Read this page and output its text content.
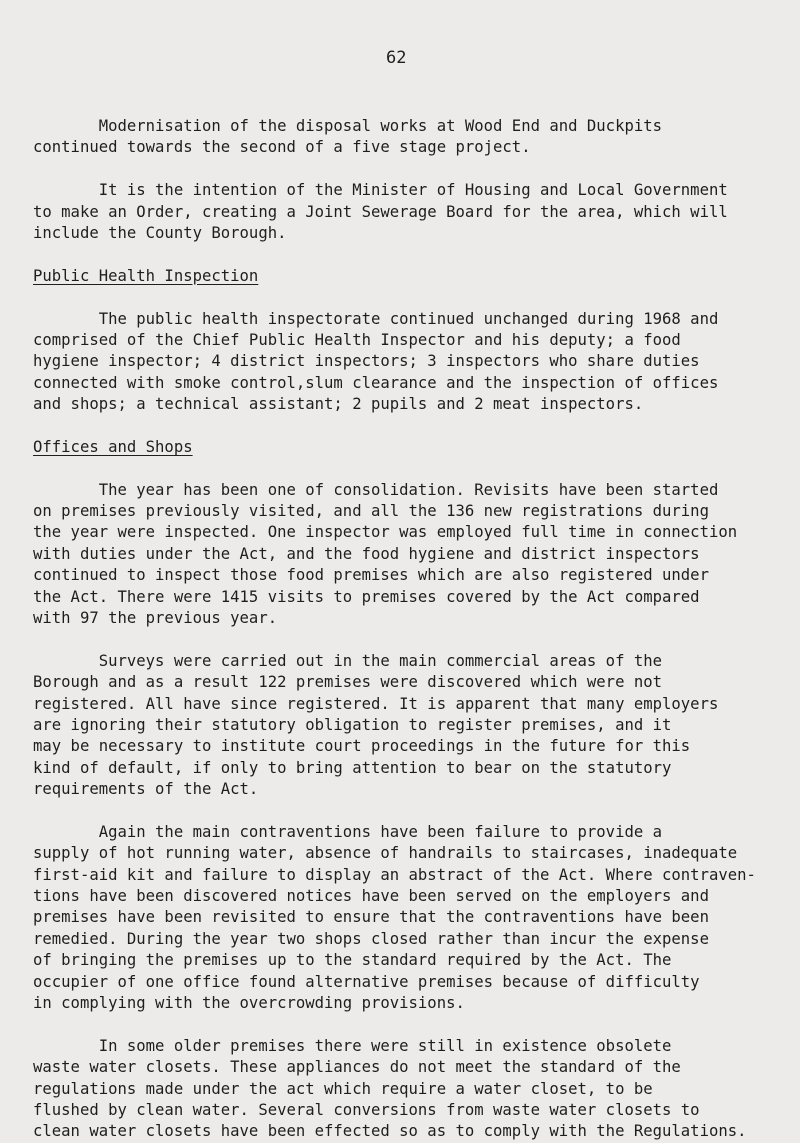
62
Modernisation of the disposal works at Wood End and Duckpits
continued towards the second of a five stage project.
It is the intention of the Minister of Housing and Local Government
to make an Order, creating a Joint Sewerage Board for the area, which will
include the County Borough.
Public Health Inspection
The public health inspectorate continued unchanged during 1968 and
comprised of the Chief Public Health Inspector and his deputy; a food
hygiene inspector; 4 district inspectors; 3 inspectors who share duties
connected with smoke control,slum clearance and the inspection of offices
and shops; a technical assistant; 2 pupils and 2 meat inspectors.
Offices and Shops
The year has been one of consolidation. Revisits have been started
on premises previously visited, and all the 136 new registrations during
the year were inspected. One inspector was employed full time in connection
with duties under the Act, and the food hygiene and district inspectors
continued to inspect those food premises which are also registered under
the Act. There were 1415 visits to premises covered by the Act compared
with 97 the previous year.
Surveys were carried out in the main commercial areas of the
Borough and as a result 122 premises were discovered which were not
registered. All have since registered. It is apparent that many employers
are ignoring their statutory obligation to register premises, and it
may be necessary to institute court proceedings in the future for this
kind of default, if only to bring attention to bear on the statutory
requirements of the Act.
Again the main contraventions have been failure to provide a
supply of hot running water, absence of handrails to staircases, inadequate
first-aid kit and failure to display an abstract of the Act. Where contraven-
tions have been discovered notices have been served on the employers and
premises have been revisited to ensure that the contraventions have been
remedied. During the year two shops closed rather than incur the expense
of bringing the premises up to the standard required by the Act. The
occupier of one office found alternative premises because of difficulty
in complying with the overcrowding provisions.
In some older premises there were still in existence obsolete
waste water closets. These appliances do not meet the standard of the
regulations made under the act which require a water closet, to be
flushed by clean water. Several conversions from waste water closets to
clean water closets have been effected so as to comply with the Regulations.
